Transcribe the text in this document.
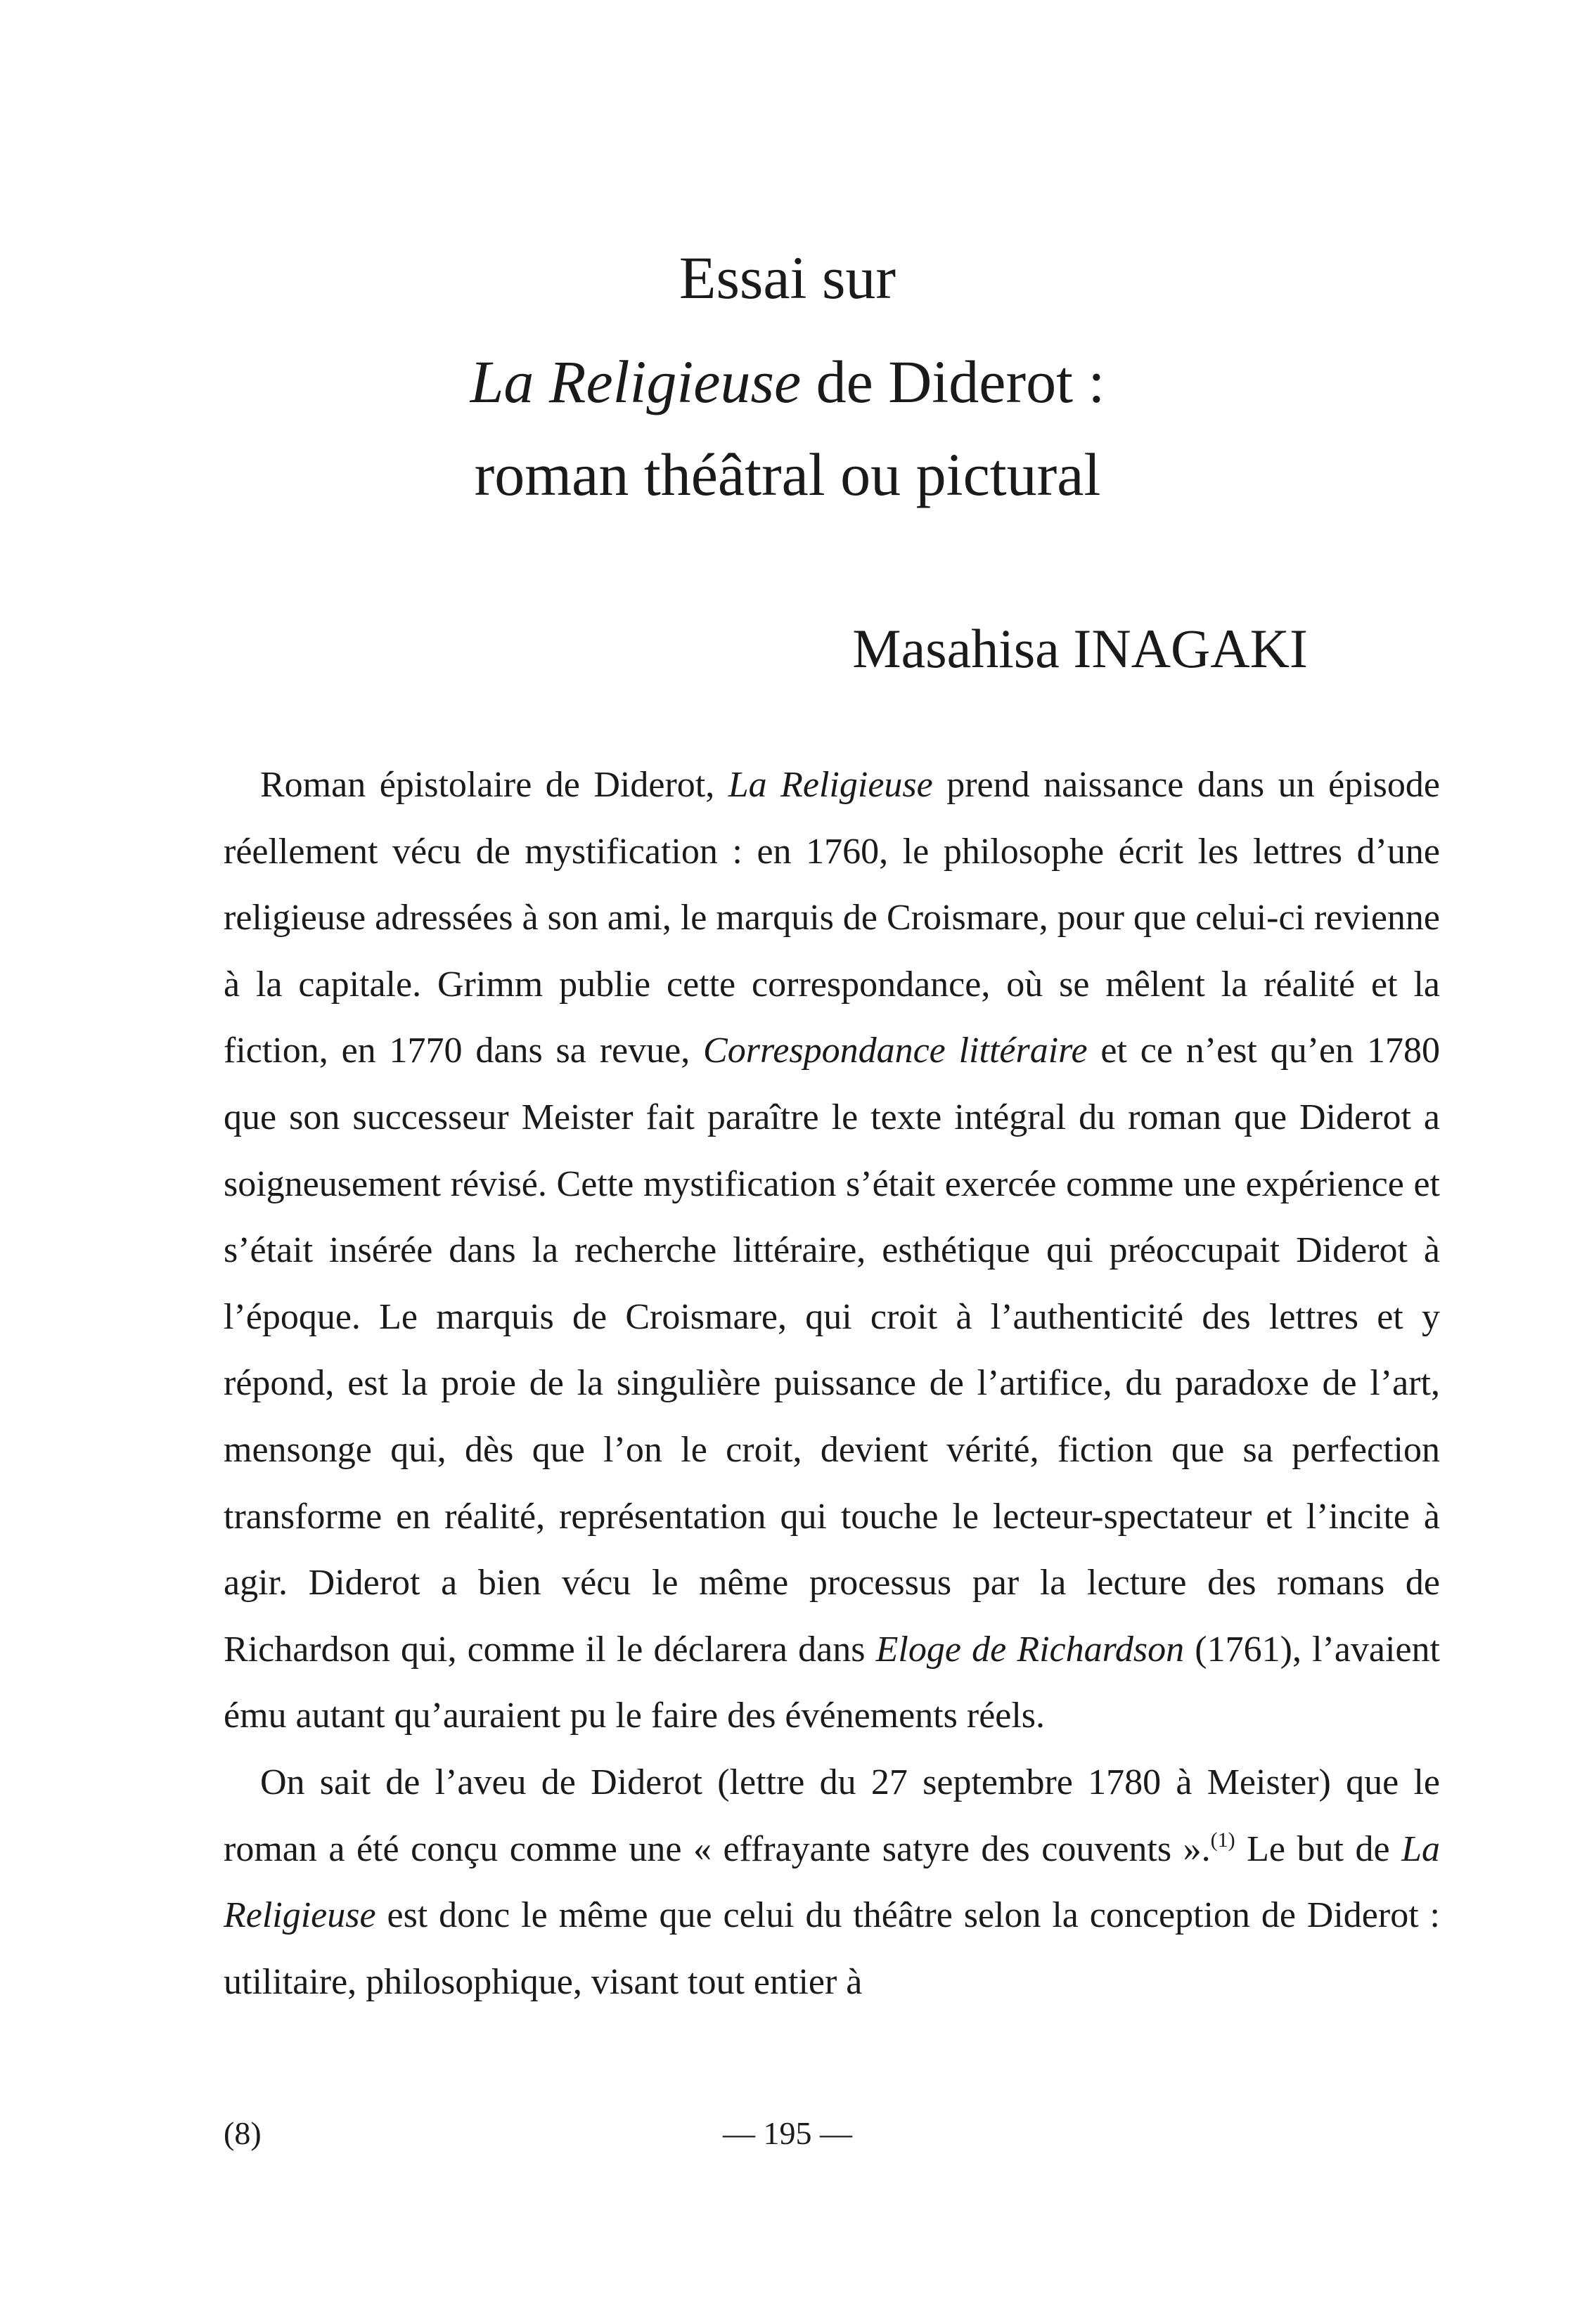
Essai sur
La Religieuse de Diderot :
roman théâtral ou pictural
Masahisa INAGAKI

Roman épistolaire de Diderot, La Religieuse prend naissance dans un épisode réellement vécu de mystification : en 1760, le philosophe écrit les lettres d’une religieuse adressées à son ami, le marquis de Croismare, pour que celui-ci revienne à la capitale. Grimm publie cette correspondance, où se mêlent la réalité et la fiction, en 1770 dans sa revue, Correspondance littéraire et ce n’est qu’en 1780 que son successeur Meister fait paraître le texte intégral du roman que Diderot a soigneusement révisé. Cette mystification s’était exercée comme une expérience et s’était insérée dans la recherche littéraire, esthétique qui préoccupait Diderot à l’époque. Le marquis de Croismare, qui croit à l’authenticité des lettres et y répond, est la proie de la singulière puissance de l’artifice, du paradoxe de l’art, mensonge qui, dès que l’on le croit, devient vérité, fiction que sa perfection transforme en réalité, représentation qui touche le lecteur-spectateur et l’incite à agir. Diderot a bien vécu le même processus par la lecture des romans de Richardson qui, comme il le déclarera dans Eloge de Richardson (1761), l’avaient ému autant qu’auraient pu le faire des événements réels.

On sait de l’aveu de Diderot (lettre du 27 septembre 1780 à Meister) que le roman a été conçu comme une « effrayante satyre des couvents ».$^{(1)}$ Le but de La Religieuse est donc le même que celui du théâtre selon la conception de Diderot : utilitaire, philosophique, visant tout entier à

(8)	— 195 —
